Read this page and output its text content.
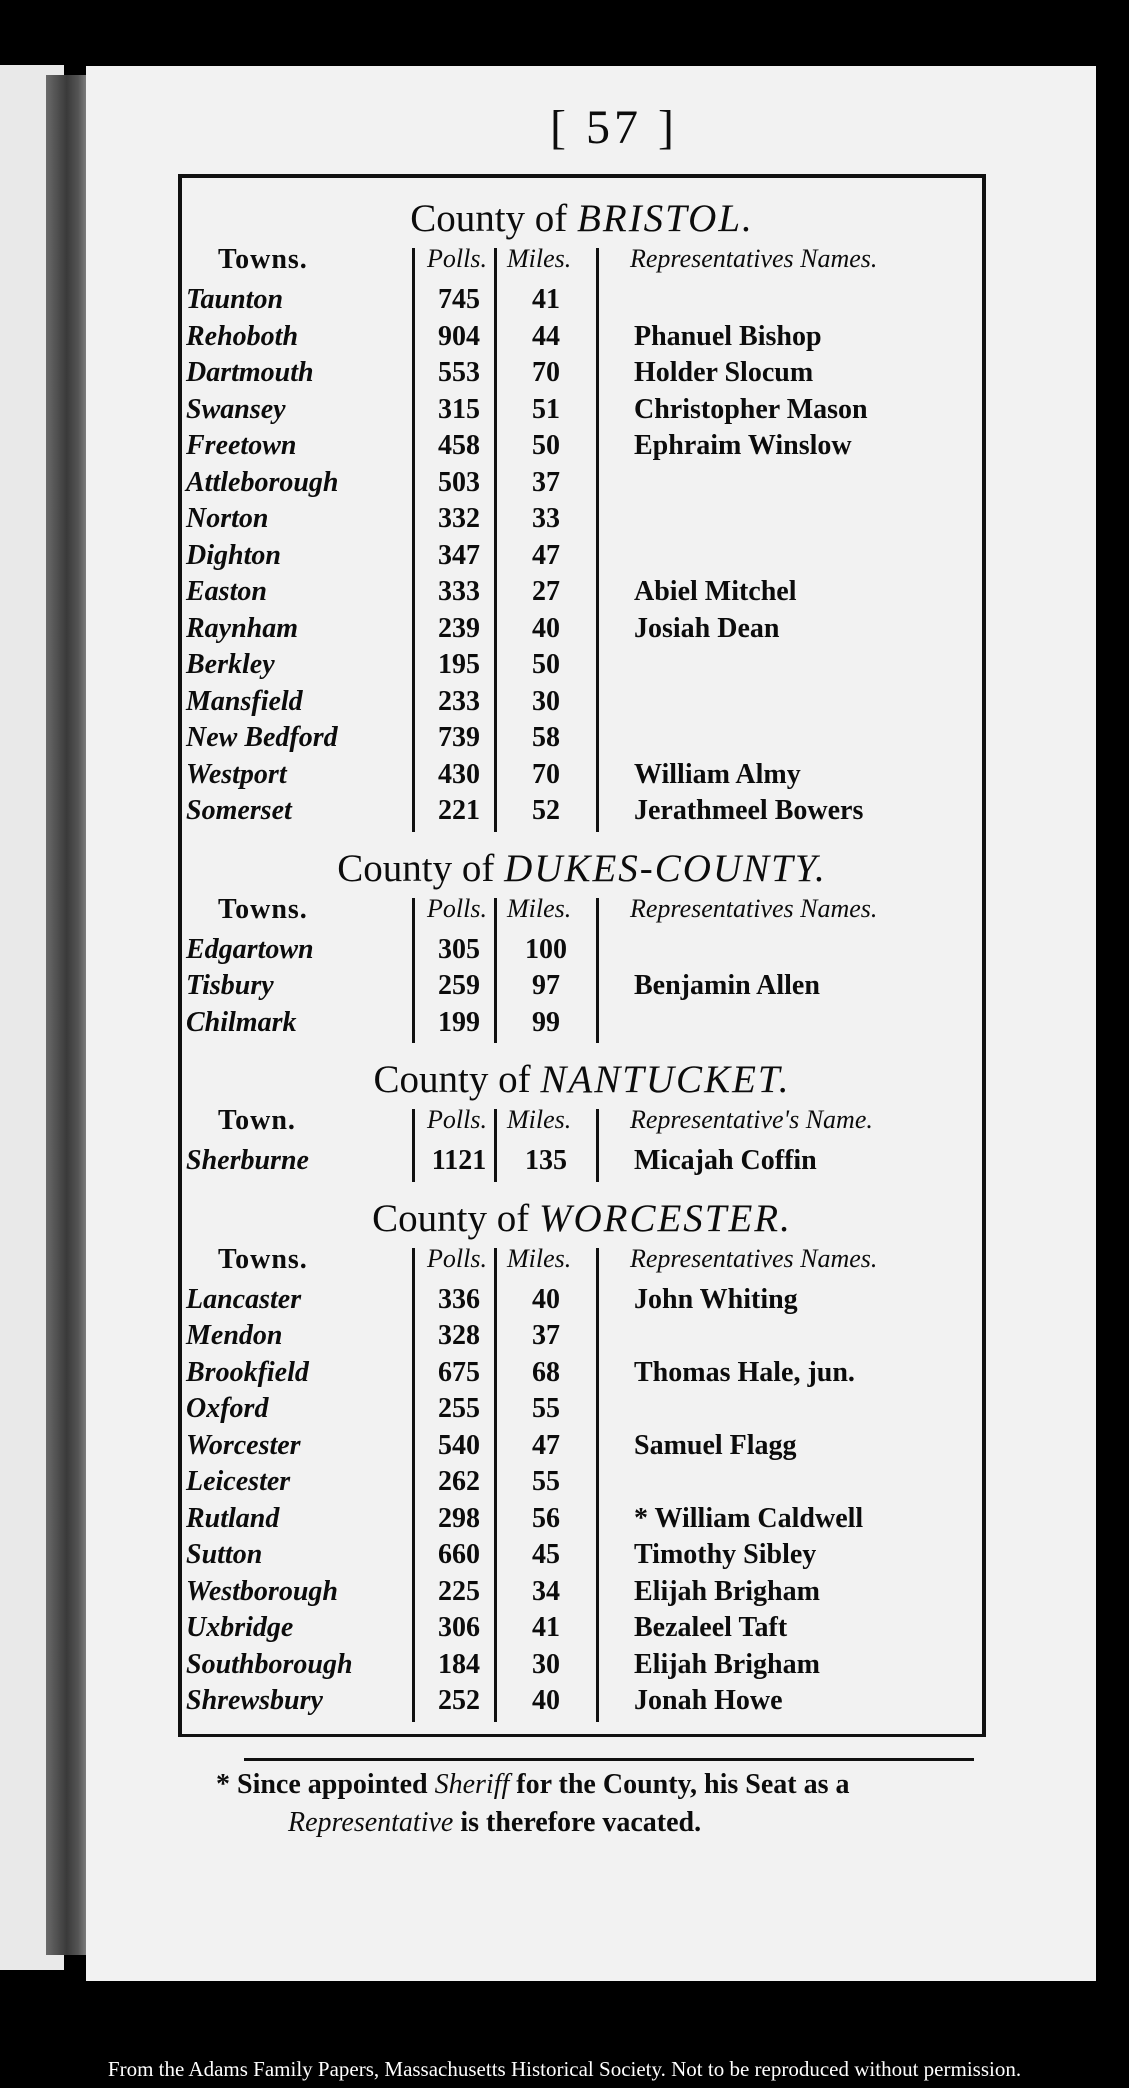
[ 57 ]
County of BRISTOL.
Towns.	Polls. Miles. Representatives Names.
Taunton	745	41
Rehoboth	904	44	Phanuel Bishop
Dartmouth	553	70	Holder Slocum
Swansey	315	51	Christopher Mason
Freetown	458	50	Ephraim Winslow
Attleborough	503	37
Norton	332	33
Dighton	347	47
Easton	333	27	Abiel Mitchel
Raynham	239	40	Josiah Dean
Berkley	195	50
Mansfield	233	30
New Bedford	739	58
Westport	430	70	William Almy
Somerset	221	52	Jerathmeel Bowers
County of DUKES-COUNTY.
Towns.	Polls. Miles. Representatives Names.
Edgartown	305	100
Tisbury	259	97	Benjamin Allen
Chilmark	199	99
County of NANTUCKET.
Town.	Polls. Miles. Representative's Name.
Sherburne	1121	135	Micajah Coffin
County of WORCESTER.
Towns.	Polls. Miles. Representatives Names.
Lancaster	336	40	John Whiting
Mendon	328	37
Brookfield	675	68	Thomas Hale, jun.
Oxford	255	55
Worcester	540	47	Samuel Flagg
Leicester	262	55
Rutland	298	56	* William Caldwell
Sutton	660	45	Timothy Sibley
Westborough	225	34	Elijah Brigham
Uxbridge	306	41	Bezaleel Taft
Southborough	184	30	Elijah Brigham
Shrewsbury	252	40	Jonah Howe
* Since appointed Sheriff for the County, his Seat as a
Representative is therefore vacated.
From the Adams Family Papers, Massachusetts Historical Society. Not to be reproduced without permission.
